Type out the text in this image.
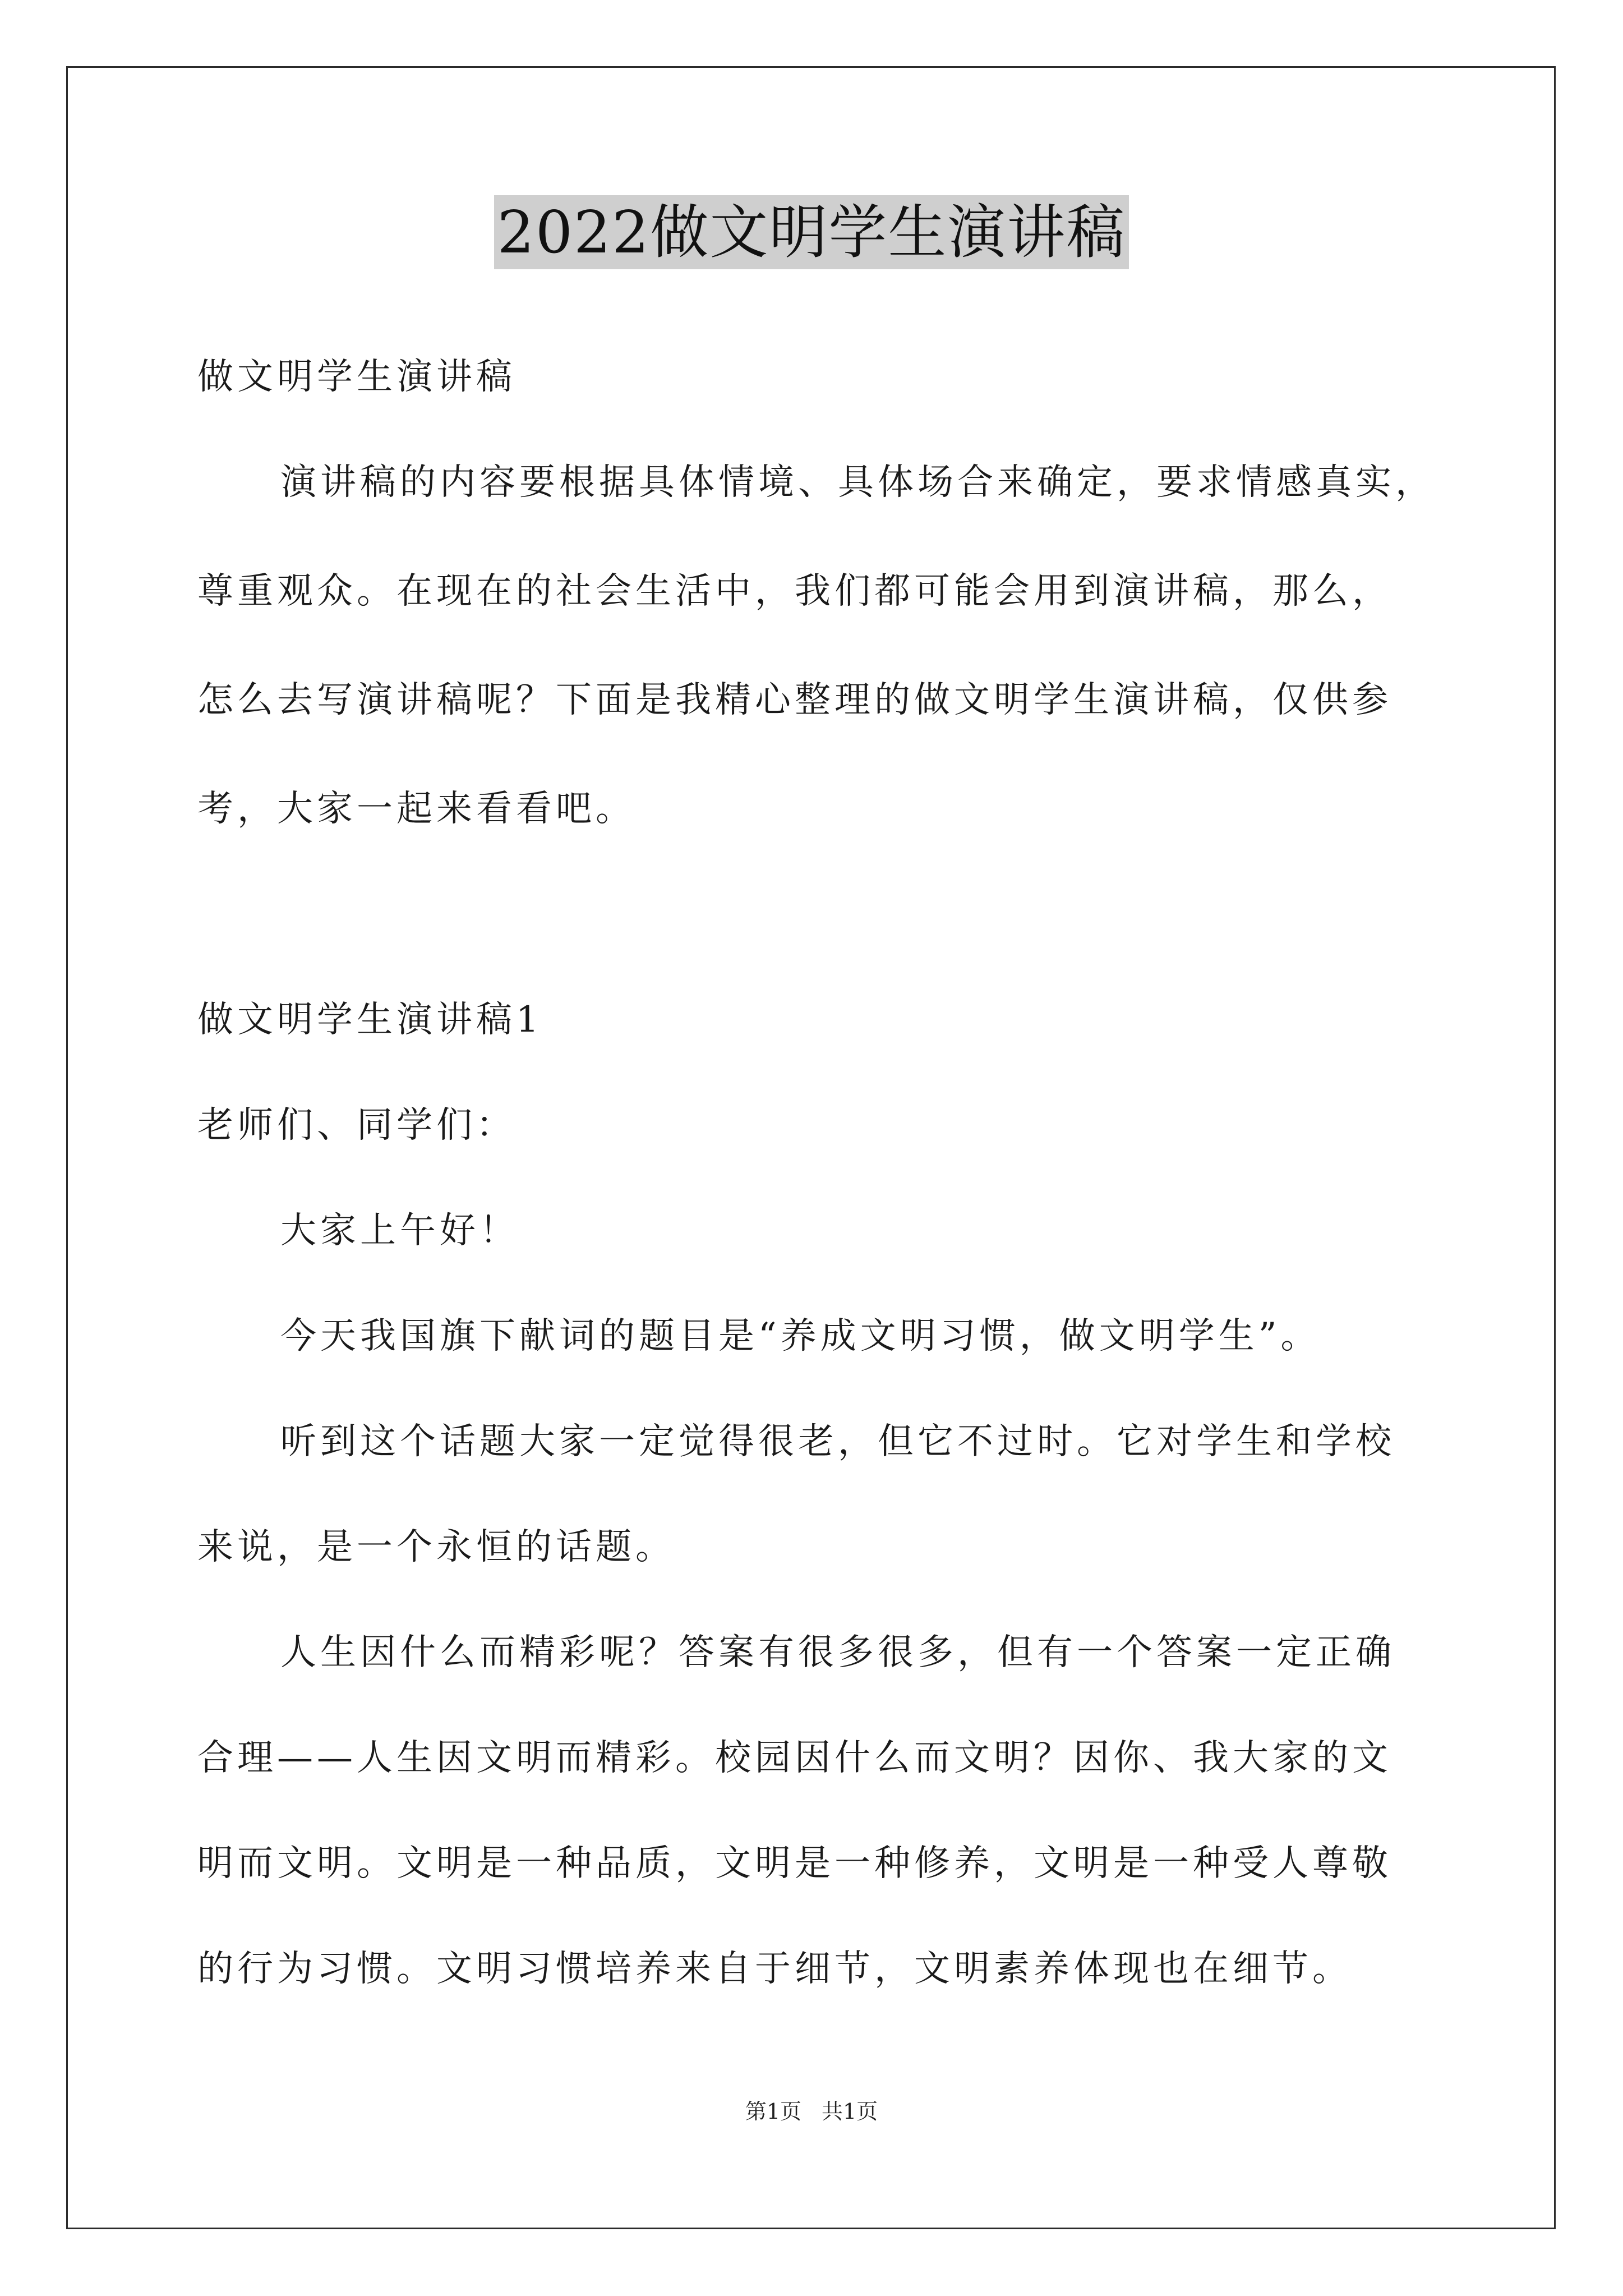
2022做文明学生演讲稿
做文明学生演讲稿
演讲稿的内容要根据具体情境、具体场合来确定，要求情感真实，
尊重观众。在现在的社会生活中，我们都可能会用到演讲稿，那么，
怎么去写演讲稿呢？下面是我精心整理的做文明学生演讲稿，仅供参
考，大家一起来看看吧。
做文明学生演讲稿1
老师们、同学们：
大家上午好！
今天我国旗下献词的题目是“养成文明习惯，做文明学生”。
听到这个话题大家一定觉得很老，但它不过时。它对学生和学校
来说，是一个永恒的话题。
人生因什么而精彩呢？答案有很多很多，但有一个答案一定正确
合理——人生因文明而精彩。校园因什么而文明？因你、我大家的文
明而文明。文明是一种品质，文明是一种修养，文明是一种受人尊敬
的行为习惯。文明习惯培养来自于细节，文明素养体现也在细节。
第1页 共1页
